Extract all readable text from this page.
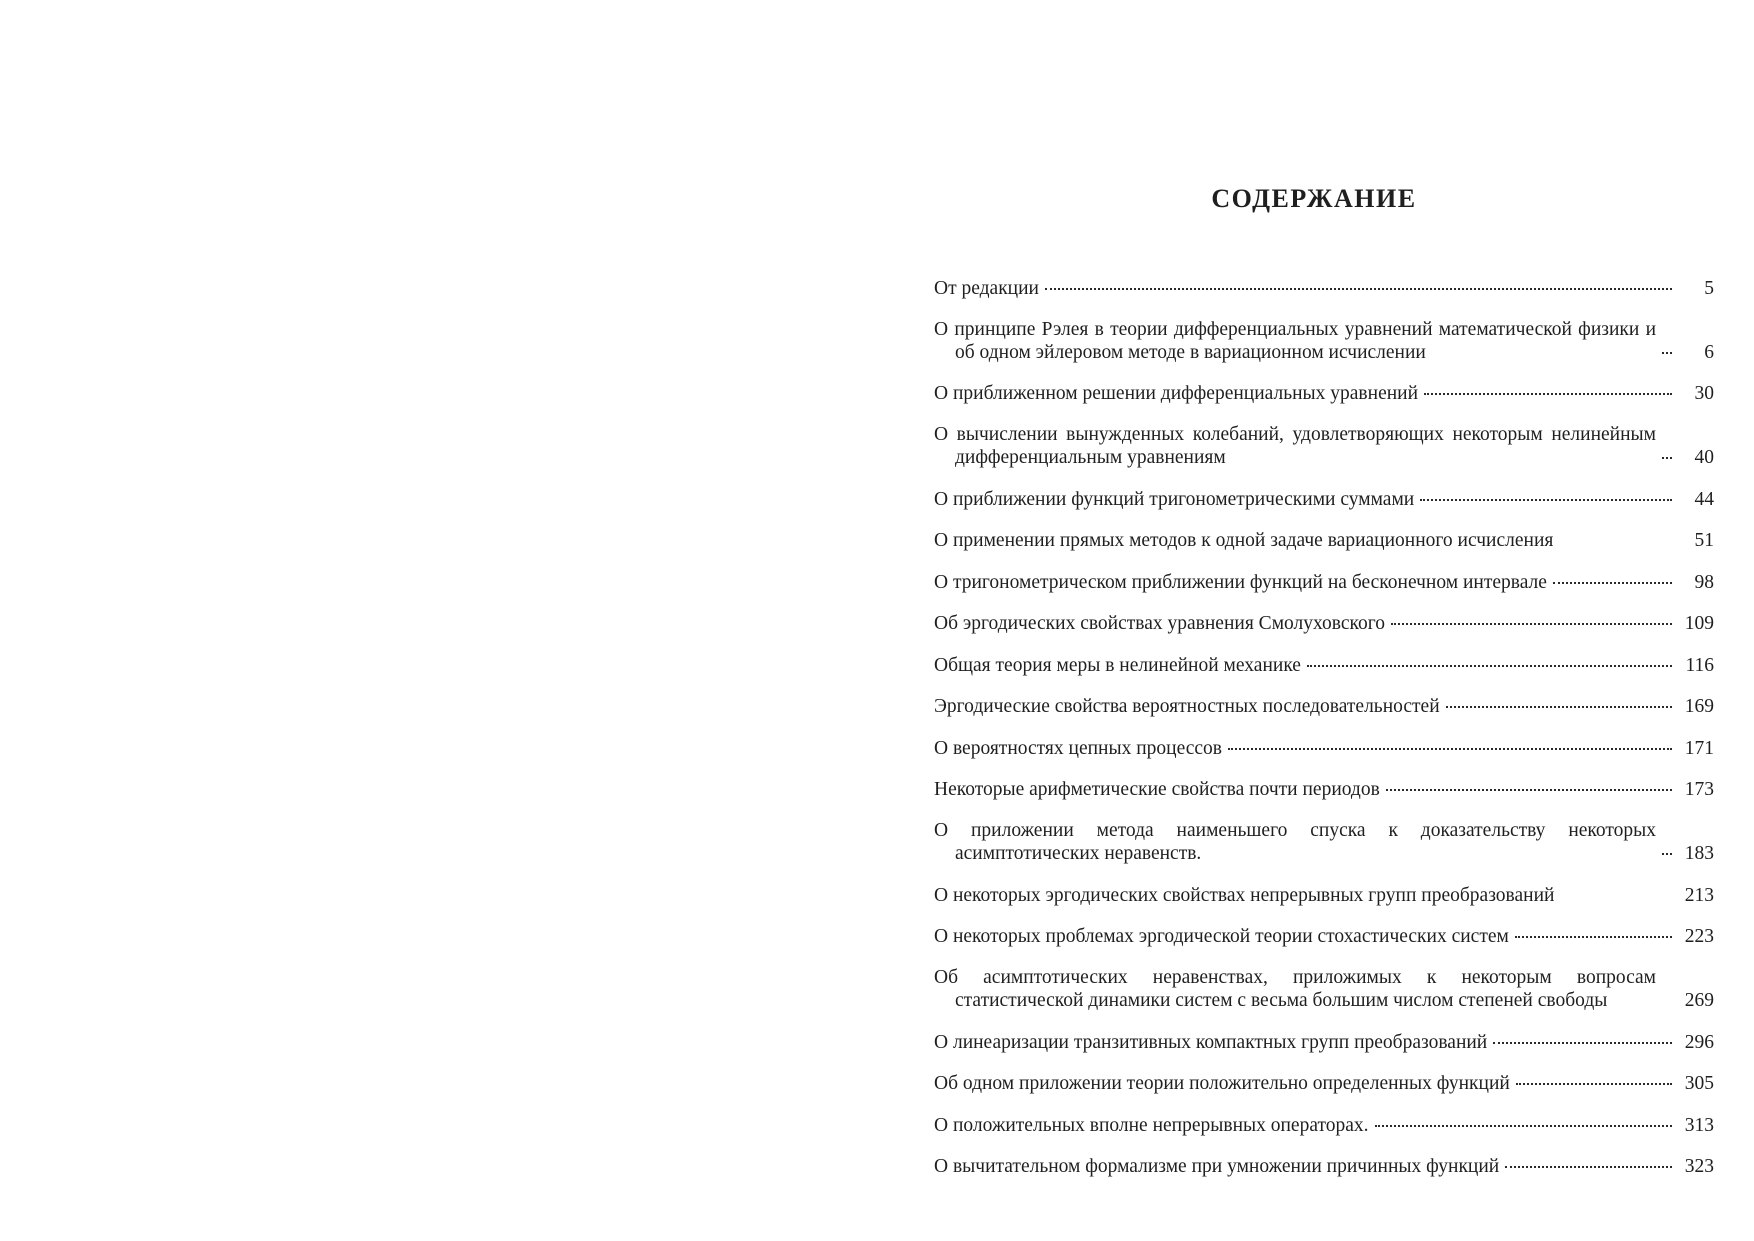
СОДЕРЖАНИЕ
От редакции	5
О принципе Рэлея в теории дифференциальных уравнений математической физики и об одном эйлеровом методе в вариационном исчислении	6
О приближенном решении дифференциальных уравнений	30
О вычислении вынужденных колебаний, удовлетворяющих некоторым нелинейным дифференциальным уравнениям	40
О приближении функций тригонометрическими суммами	44
О применении прямых методов к одной задаче вариационного исчисления	51
О тригонометрическом приближении функций на бесконечном интервале	98
Об эргодических свойствах уравнения Смолуховского	109
Общая теория меры в нелинейной механике	116
Эргодические свойства вероятностных последовательностей	169
О вероятностях цепных процессов	171
Некоторые арифметические свойства почти периодов	173
О приложении метода наименьшего спуска к доказательству некоторых асимптотических неравенств.	183
О некоторых эргодических свойствах непрерывных групп преобразований	213
О некоторых проблемах эргодической теории стохастических систем	223
Об асимптотических неравенствах, приложимых к некоторым вопросам статистической динамики систем с весьма большим числом степеней свободы	269
О линеаризации транзитивных компактных групп преобразований	296
Об одном приложении теории положительно определенных функций	305
О положительных вполне непрерывных операторах.	313
О вычитательном формализме при умножении причинных функций	323
